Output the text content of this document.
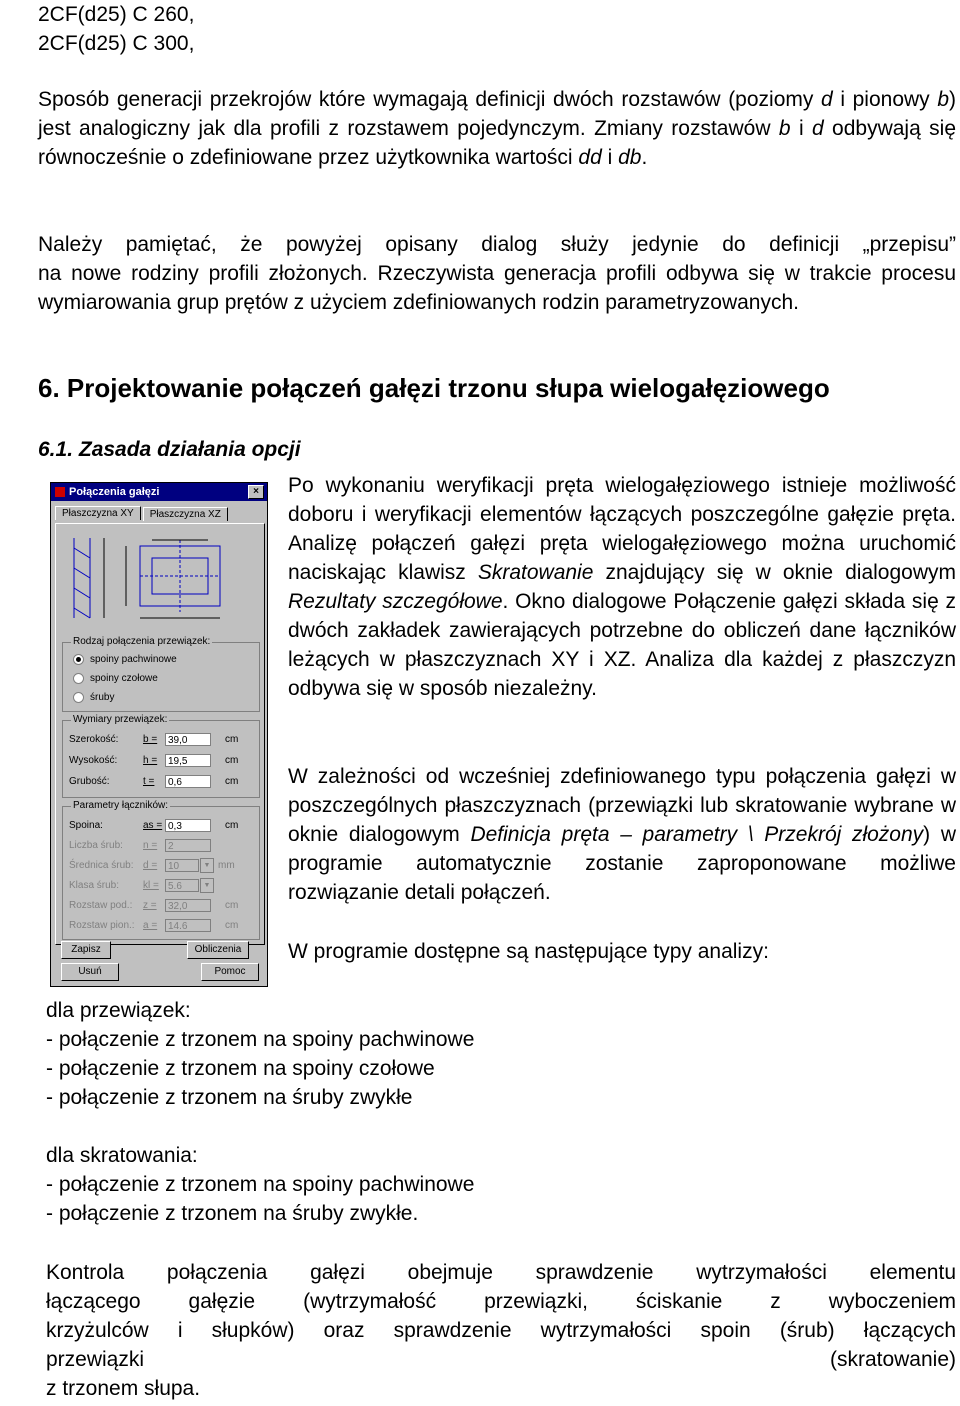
2CF(d25) C 260,
2CF(d25) C 300,

Sposób generacji przekrojów które wymagają definicji dwóch rozstawów (poziomy d i pionowy b) jest analogiczny jak dla profili z rozstawem pojedynczym. Zmiany rozstawów b i d odbywają się równocześnie o zdefiniowane przez użytkownika wartości dd i db.

Należy pamiętać, że powyżej opisany dialog służy jedynie do definicji „przepisu”

na nowe rodziny profili złożonych. Rzeczywista generacja profili odbywa się w trakcie procesu wymiarowania grup prętów z użyciem zdefiniowanych rodzin parametryzowanych.

6. Projektowanie połączeń gałęzi trzonu słupa wielogałęziowego
6.1. Zasada działania opcji
Połączenia gałęzi	×
Płaszczyzna XY	Płaszczyzna XZ
Rodzaj połączenia przewiązek:
spoiny pachwinowe
spoiny czołowe
śruby
Wymiary przewiązek:
Szerokość:	b =	39,0	cm
Wysokość:	h =	19,5	cm
Grubość:	t =	0,6	cm
Parametry łączników:
Spoina:	as = 0,3	cm
Liczba śrub:	n =	2
Średnica śrub: d =	10	▼ mm
Klasa śrub:	kl = 5.6	▼
Rozstaw pod.:	z =	32,0	cm
Rozstaw pion.: a =	14.6	cm
Zapisz	Obliczenia
Usuń	Pomoc

Po wykonaniu weryfikacji pręta wielogałęziowego istnieje możliwość doboru i weryfikacji elementów łączących poszczególne gałęzie pręta. Analizę połączeń gałęzi pręta wielogałęziowego można uruchomić naciskając klawisz Skratowanie znajdujący się w oknie dialogowym Rezultaty szczegółowe. Okno dialogowe Połączenie gałęzi składa się z dwóch zakładek zawierających potrzebne do obliczeń dane łączników leżących w płaszczyznach XY i XZ. Analiza dla każdej z płaszczyzn odbywa się w sposób niezależny.

W zależności od wcześniej zdefiniowanego typu połączenia gałęzi w poszczególnych płaszczyznach (przewiązki lub skratowanie wybrane w oknie dialogowym Definicja pręta – parametry \ Przekrój złożony) w programie automatycznie zostanie zaproponowane możliwe rozwiązanie detali połączeń.

W programie dostępne są następujące typy analizy:
dla przewiązek:
- połączenie z trzonem na spoiny pachwinowe
- połączenie z trzonem na spoiny czołowe
- połączenie z trzonem na śruby zwykłe
dla skratowania:
- połączenie z trzonem na spoiny pachwinowe
- połączenie z trzonem na śruby zwykłe.
Kontrola połączenia gałęzi obejmuje sprawdzenie wytrzymałości elementu
łączącego gałęzie (wytrzymałość przewiązki, ściskanie z wyboczeniem
krzyżulców i słupków) oraz sprawdzenie wytrzymałości spoin (śrub) łączących
przewiązki	(skratowanie)
z trzonem słupa.
